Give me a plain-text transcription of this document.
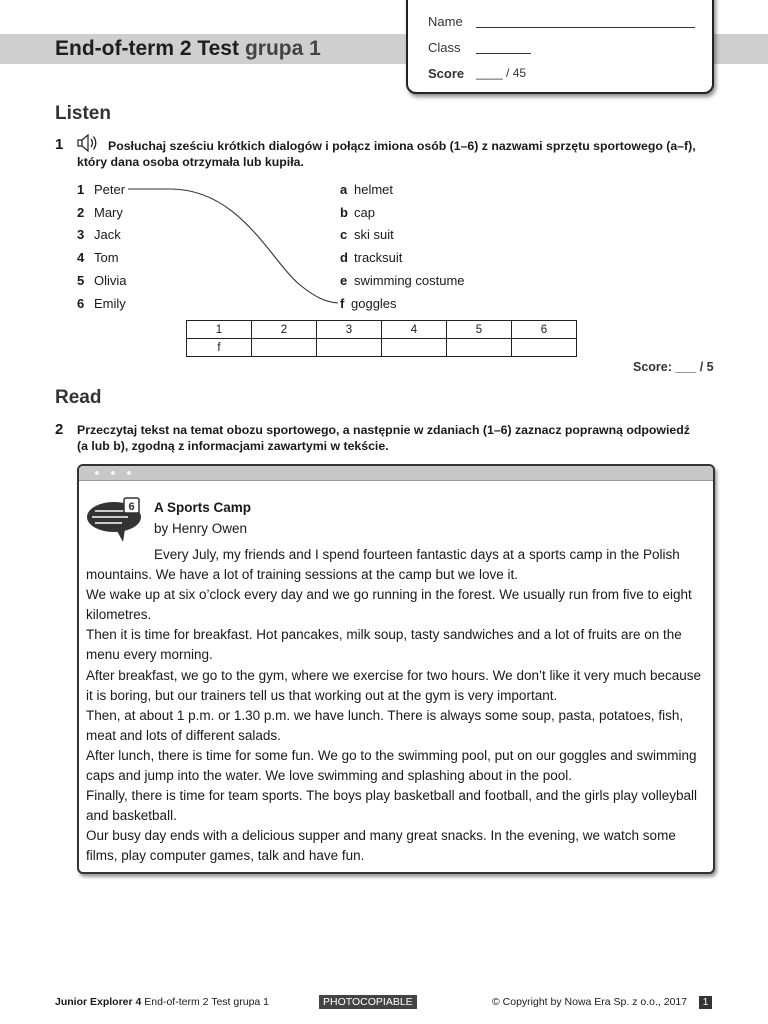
End-of-term 2 Test grupa 1
Name
Class
Score ____ / 45
Listen
1	Posłuchaj sześciu krótkich dialogów i połącz imiona osób (1–6) z nazwami sprzętu sportowego (a–f), który dana osoba otrzymała lub kupiła.
1 Peter
2 Mary
3 Jack
4 Tom
5 Olivia
6 Emily
a helmet
b cap
c ski suit
d tracksuit
e swimming costume
f goggles
1	2	3	4	5	6
f					
Score: ___ / 5
Read
2 Przeczytaj tekst na temat obozu sportowego, a następnie w zdaniach (1–6) zaznacz poprawną odpowiedź (a lub b), zgodną z informacjami zawartymi w tekście.
6 A Sports Camp
by Henry Owen

Every July, my friends and I spend fourteen fantastic days at a sports camp in the Polish mountains. We have a lot of training sessions at the camp but we love it.

We wake up at six o’clock every day and we go running in the forest. We usually run from five to eight kilometres.

Then it is time for breakfast. Hot pancakes, milk soup, tasty sandwiches and a lot of fruits are on the menu every morning.

After breakfast, we go to the gym, where we exercise for two hours. We don’t like it very much because it is boring, but our trainers tell us that working out at the gym is very important.

Then, at about 1 p.m. or 1.30 p.m. we have lunch. There is always some soup, pasta, potatoes, fish, meat and lots of different salads.

After lunch, there is time for some fun. We go to the swimming pool, put on our goggles and swimming caps and jump into the water. We love swimming and splashing about in the pool.

Finally, there is time for team sports. The boys play basketball and football, and the girls play volleyball and basketball.

Our busy day ends with a delicious supper and many great snacks. In the evening, we watch some films, play computer games, talk and have fun.

Junior Explorer 4 End-of-term 2 Test grupa 1	PHOTOCOPIABLE	© Copyright by Nowa Era Sp. z o.o., 2017	1
